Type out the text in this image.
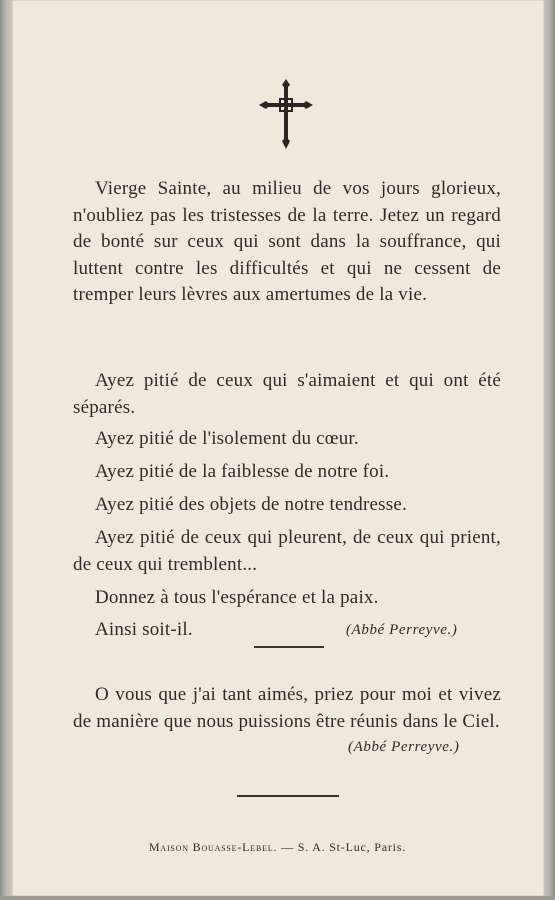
Vierge Sainte, au milieu de vos jours glorieux, n'oubliez pas les tristesses de la terre. Jetez un regard de bonté sur ceux qui sont dans la souffrance, qui luttent contre les difficultés et qui ne cessent de tremper leurs lèvres aux amertumes de la vie.
Ayez pitié de ceux qui s'aimaient et qui ont été séparés.
Ayez pitié de l'isolement du cœur.
Ayez pitié de la faiblesse de notre foi.
Ayez pitié des objets de notre tendresse.
Ayez pitié de ceux qui pleurent, de ceux qui prient, de ceux qui tremblent...
Donnez à tous l'espérance et la paix.
Ainsi soit-il.	(Abbé Perreyve.)
O vous que j'ai tant aimés, priez pour moi et vivez de manière que nous puissions être réunis dans le Ciel.
(Abbé Perreyve.)
Maison Bouasse-Lebel. — S. A. St-Luc, Paris.
